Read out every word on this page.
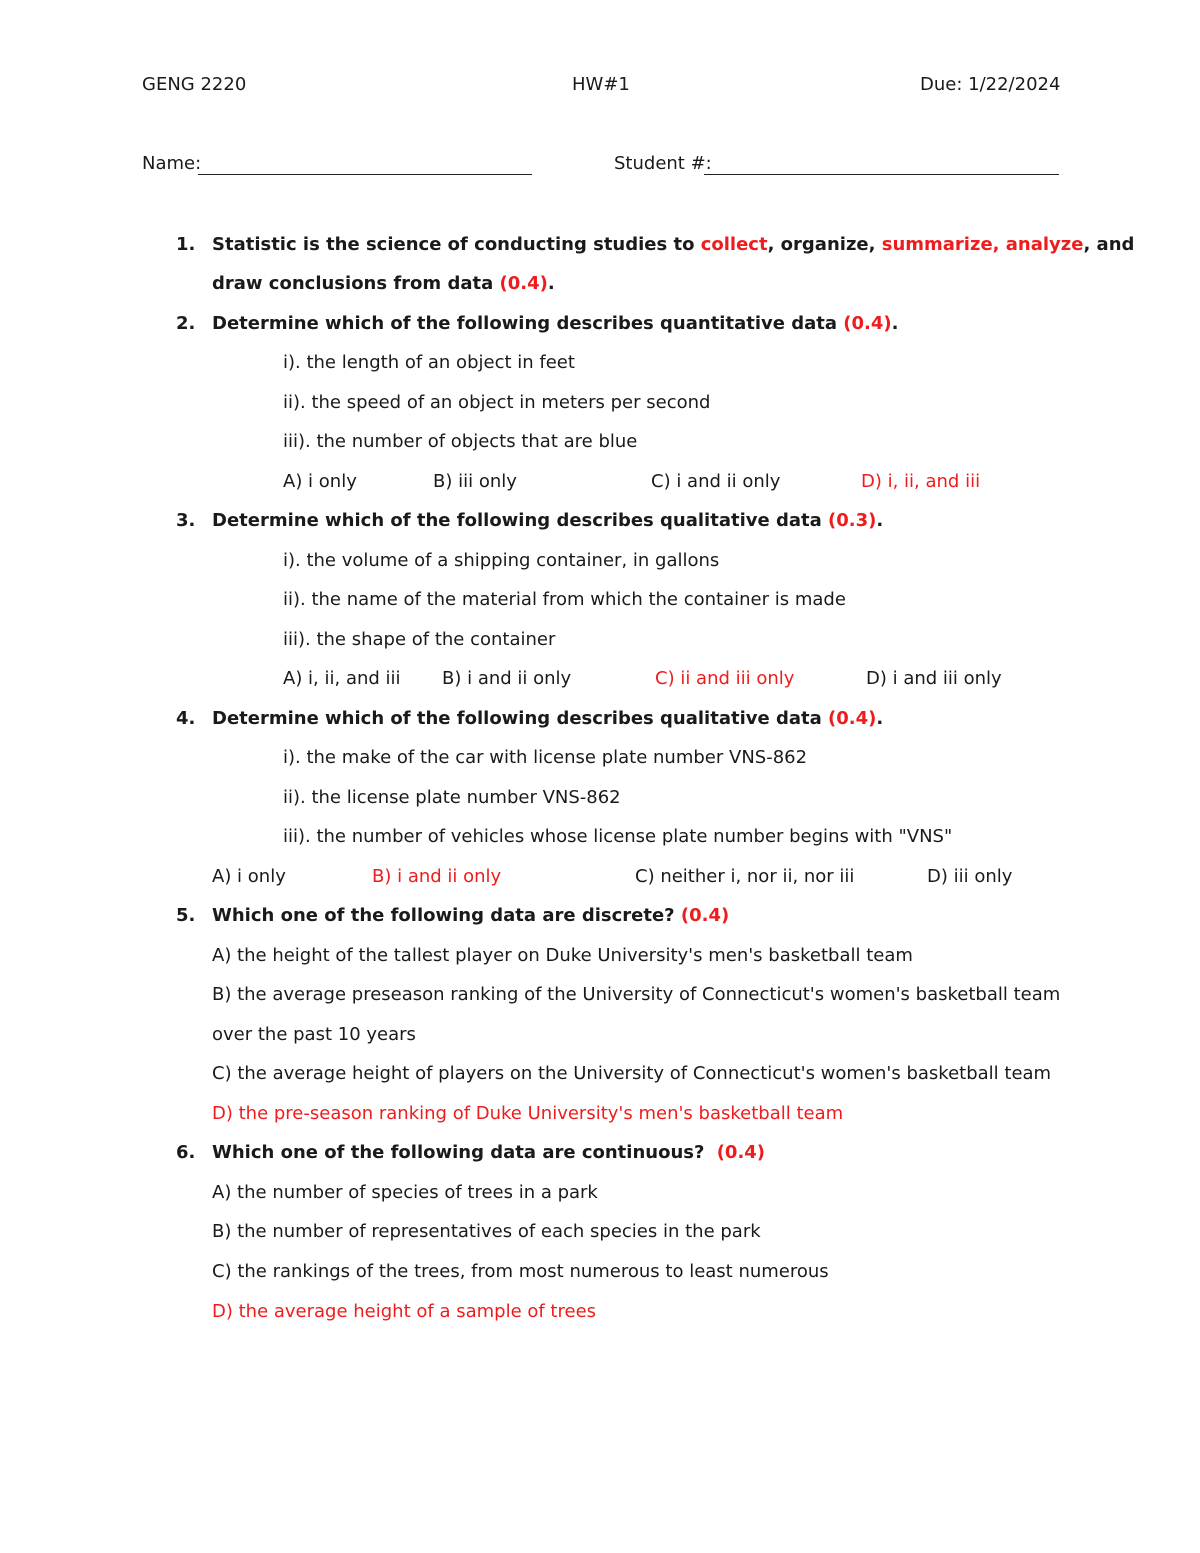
GENG 2220	HW#1	Due: 1/22/2024
Name:	Student #:
1. Statistic is the science of conducting studies to collect, organize, summarize, analyze, and
draw conclusions from data (0.4).
2. Determine which of the following describes quantitative data (0.4).
i). the length of an object in feet
ii). the speed of an object in meters per second
iii). the number of objects that are blue
A) i only	B) iii only	C) i and ii only	D) i, ii, and iii
3. Determine which of the following describes qualitative data (0.3).
i). the volume of a shipping container, in gallons
ii). the name of the material from which the container is made
iii). the shape of the container
A) i, ii, and iii B) i and ii only	C) ii and iii only	D) i and iii only
4. Determine which of the following describes qualitative data (0.4).
i). the make of the car with license plate number VNS-862
ii). the license plate number VNS-862
iii). the number of vehicles whose license plate number begins with "VNS"
A) i only	B) i and ii only	C) neither i, nor ii, nor iii	D) iii only
5. Which one of the following data are discrete? (0.4)
A) the height of the tallest player on Duke University's men's basketball team
B) the average preseason ranking of the University of Connecticut's women's basketball team
over the past 10 years
C) the average height of players on the University of Connecticut's women's basketball team
D) the pre-season ranking of Duke University's men's basketball team
6. Which one of the following data are continuous? (0.4)
A) the number of species of trees in a park
B) the number of representatives of each species in the park
C) the rankings of the trees, from most numerous to least numerous
D) the average height of a sample of trees
